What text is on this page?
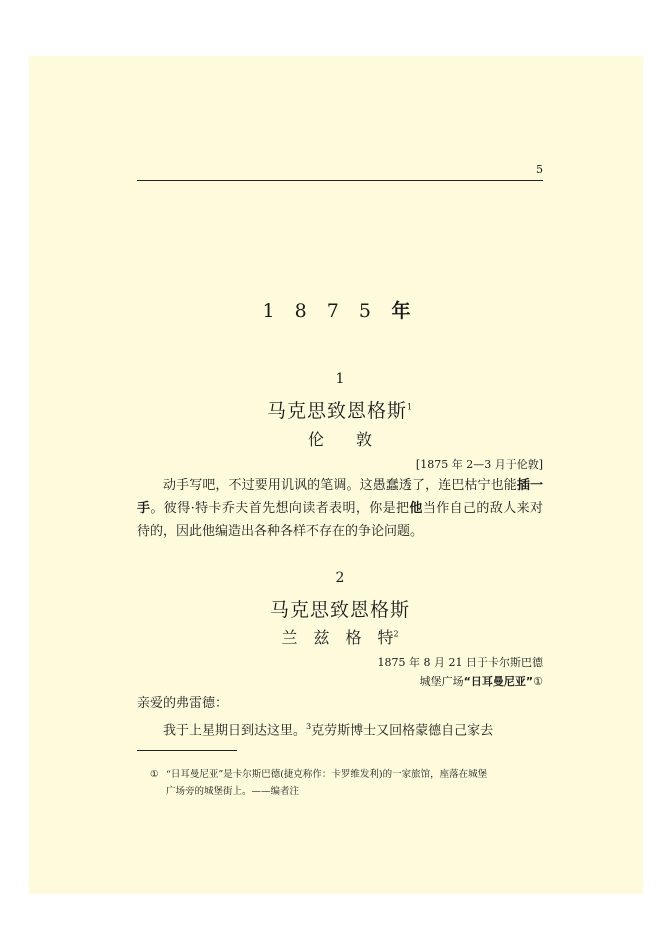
5
1 8 7 5 年
1
马克思致恩格斯$^1$
伦　　敦
[1875 年 2—3 月于伦敦]
动手写吧，不过要用讥讽的笔调。这愚蠢透了，连巴枯宁也能插一手。彼得·特卡乔夫首先想向读者表明，你是把他当作自己的敌人来对待的，因此他编造出各种各样不存在的争论问题。
2
马克思致恩格斯
兰　兹　格　特$^2$
1875 年 8 月 21 日于卡尔斯巴德
城堡广场“日耳曼尼亚”①
亲爱的弗雷德：
我于上星期日到达这里。$^3$克劳斯博士又回格蒙德自己家去
① “日耳曼尼亚”是卡尔斯巴德(捷克称作：卡罗维发利)的一家旅馆，座落在城堡
广场旁的城堡街上。——编者注
